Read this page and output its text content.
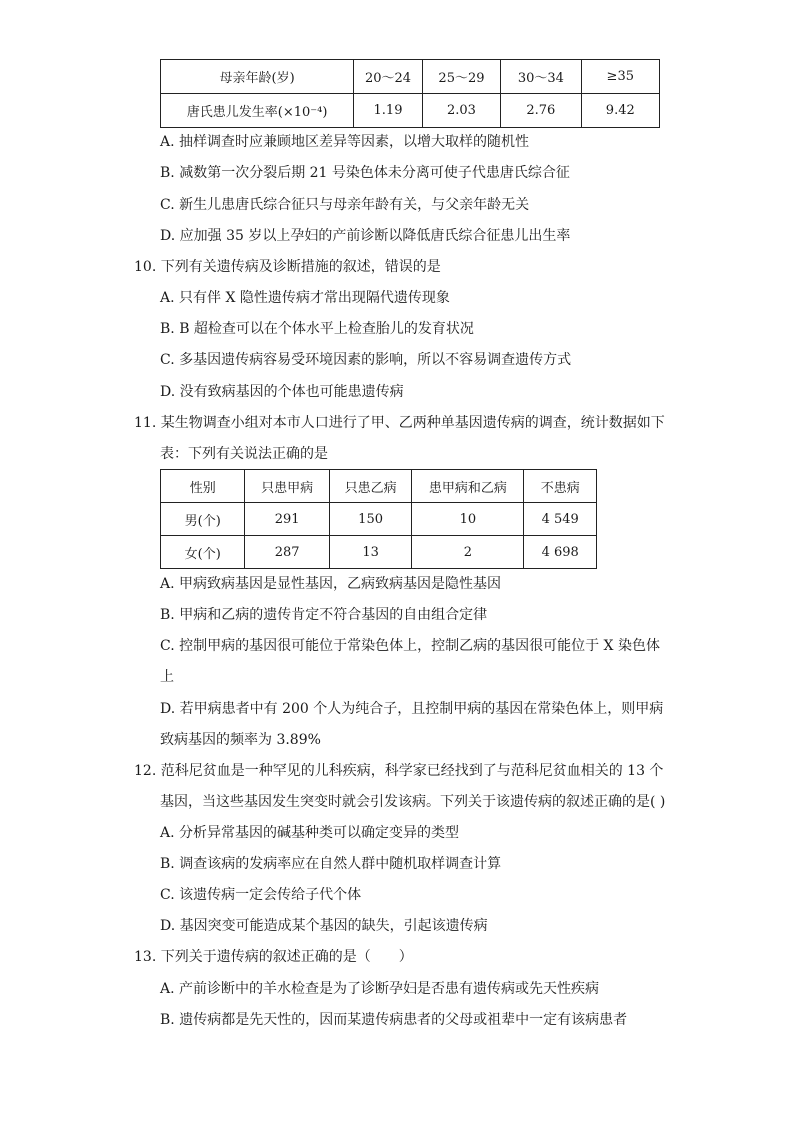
母亲年龄(岁)	20～24	25～29	30～34	≥35
唐氏患儿发生率(×10⁻⁴)	1.19	2.03	2.76	9.42
A. 抽样调查时应兼顾地区差异等因素，以增大取样的随机性
B. 减数第一次分裂后期 21 号染色体未分离可使子代患唐氏综合征
C. 新生儿患唐氏综合征只与母亲年龄有关，与父亲年龄无关
D. 应加强 35 岁以上孕妇的产前诊断以降低唐氏综合征患儿出生率
10. 下列有关遗传病及诊断措施的叙述，错误的是
A. 只有伴 X 隐性遗传病才常出现隔代遗传现象
B. B 超检查可以在个体水平上检查胎儿的发育状况
C. 多基因遗传病容易受环境因素的影响，所以不容易调查遗传方式
D. 没有致病基因的个体也可能患遗传病
11. 某生物调查小组对本市人口进行了甲、乙两种单基因遗传病的调查，统计数据如下
表：下列有关说法正确的是
性别	只患甲病	只患乙病	患甲病和乙病	不患病
男(个)	291	150	10	4 549
女(个)	287	13	2	4 698
A. 甲病致病基因是显性基因，乙病致病基因是隐性基因
B. 甲病和乙病的遗传肯定不符合基因的自由组合定律
C. 控制甲病的基因很可能位于常染色体上，控制乙病的基因很可能位于 X 染色体
上
D. 若甲病患者中有 200 个人为纯合子，且控制甲病的基因在常染色体上，则甲病
致病基因的频率为 3.89%
12. 范科尼贫血是一种罕见的儿科疾病，科学家已经找到了与范科尼贫血相关的 13 个
基因，当这些基因发生突变时就会引发该病。下列关于该遗传病的叙述正确的是( )
A. 分析异常基因的碱基种类可以确定变异的类型
B. 调查该病的发病率应在自然人群中随机取样调查计算
C. 该遗传病一定会传给子代个体
D. 基因突变可能造成某个基因的缺失，引起该遗传病
13. 下列关于遗传病的叙述正确的是（　　）
A. 产前诊断中的羊水检查是为了诊断孕妇是否患有遗传病或先天性疾病
B. 遗传病都是先天性的，因而某遗传病患者的父母或祖辈中一定有该病患者
